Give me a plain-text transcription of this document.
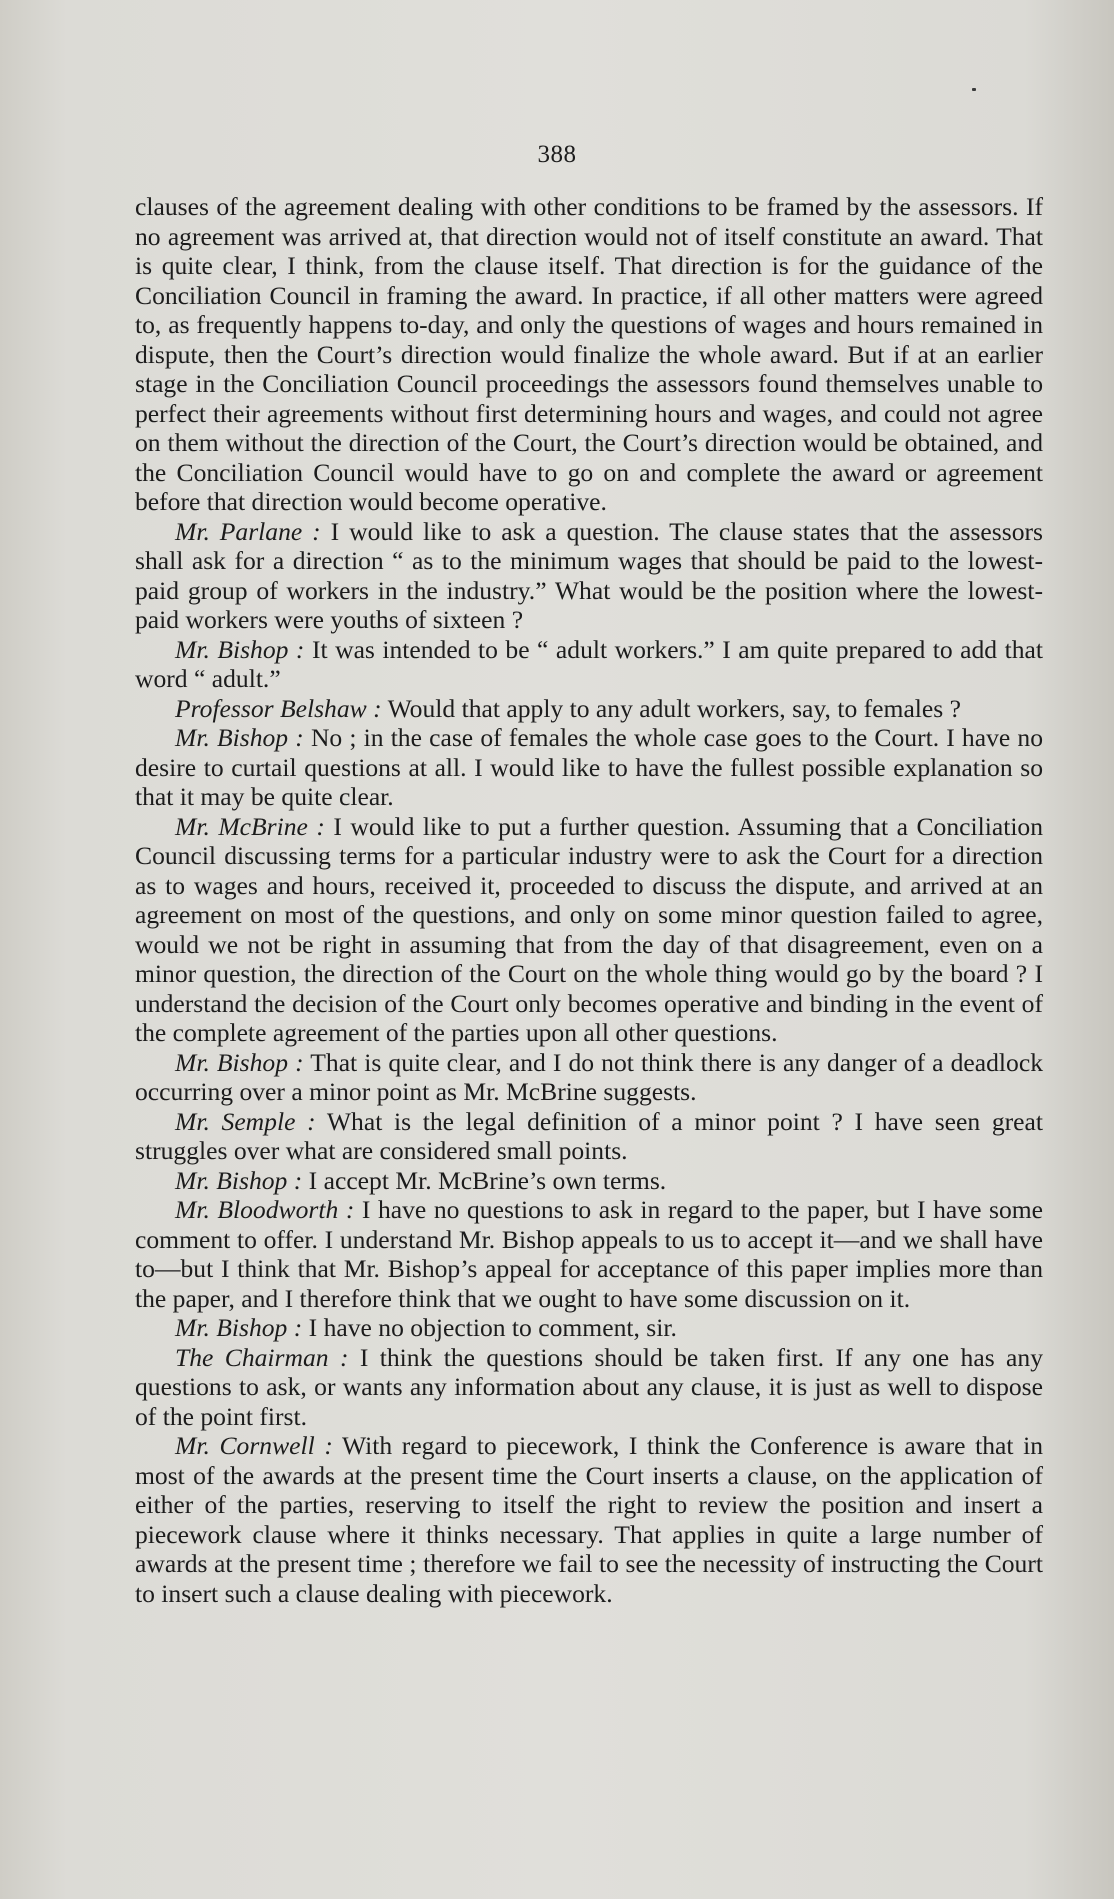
388

clauses of the agreement dealing with other conditions to be framed by the assessors. If no agreement was arrived at, that direction would not of itself constitute an award. That is quite clear, I think, from the clause itself. That direction is for the guidance of the Conciliation Council in framing the award. In practice, if all other matters were agreed to, as frequently happens to-day, and only the questions of wages and hours remained in dispute, then the Court’s direction would finalize the whole award. But if at an earlier stage in the Conciliation Council proceedings the assessors found themselves unable to perfect their agreements without first determining hours and wages, and could not agree on them without the direction of the Court, the Court’s direction would be obtained, and the Conciliation Council would have to go on and complete the award or agreement before that direction would become operative.

Mr. Parlane : I would like to ask a question. The clause states that the assessors shall ask for a direction “ as to the minimum wages that should be paid to the lowest-paid group of workers in the industry.” What would be the position where the lowest-paid workers were youths of sixteen ?

Mr. Bishop : It was intended to be “ adult workers.” I am quite prepared to add that word “ adult.”

Professor Belshaw : Would that apply to any adult workers, say, to females ?

Mr. Bishop : No ; in the case of females the whole case goes to the Court. I have no desire to curtail questions at all. I would like to have the fullest possible explanation so that it may be quite clear.

Mr. McBrine : I would like to put a further question. Assuming that a Conciliation Council discussing terms for a particular industry were to ask the Court for a direction as to wages and hours, received it, proceeded to discuss the dispute, and arrived at an agreement on most of the questions, and only on some minor question failed to agree, would we not be right in assuming that from the day of that disagreement, even on a minor question, the direction of the Court on the whole thing would go by the board ? I understand the decision of the Court only becomes operative and binding in the event of the complete agreement of the parties upon all other questions.

Mr. Bishop : That is quite clear, and I do not think there is any danger of a deadlock occurring over a minor point as Mr. McBrine suggests.

Mr. Semple : What is the legal definition of a minor point ? I have seen great struggles over what are considered small points.

Mr. Bishop : I accept Mr. McBrine’s own terms.

Mr. Bloodworth : I have no questions to ask in regard to the paper, but I have some comment to offer. I understand Mr. Bishop appeals to us to accept it—and we shall have to—but I think that Mr. Bishop’s appeal for acceptance of this paper implies more than the paper, and I therefore think that we ought to have some discussion on it.

Mr. Bishop : I have no objection to comment, sir.

The Chairman : I think the questions should be taken first. If any one has any questions to ask, or wants any information about any clause, it is just as well to dispose of the point first.

Mr. Cornwell : With regard to piecework, I think the Conference is aware that in most of the awards at the present time the Court inserts a clause, on the application of either of the parties, reserving to itself the right to review the position and insert a piecework clause where it thinks necessary. That applies in quite a large number of awards at the present time ; therefore we fail to see the necessity of instructing the Court to insert such a clause dealing with piecework.
